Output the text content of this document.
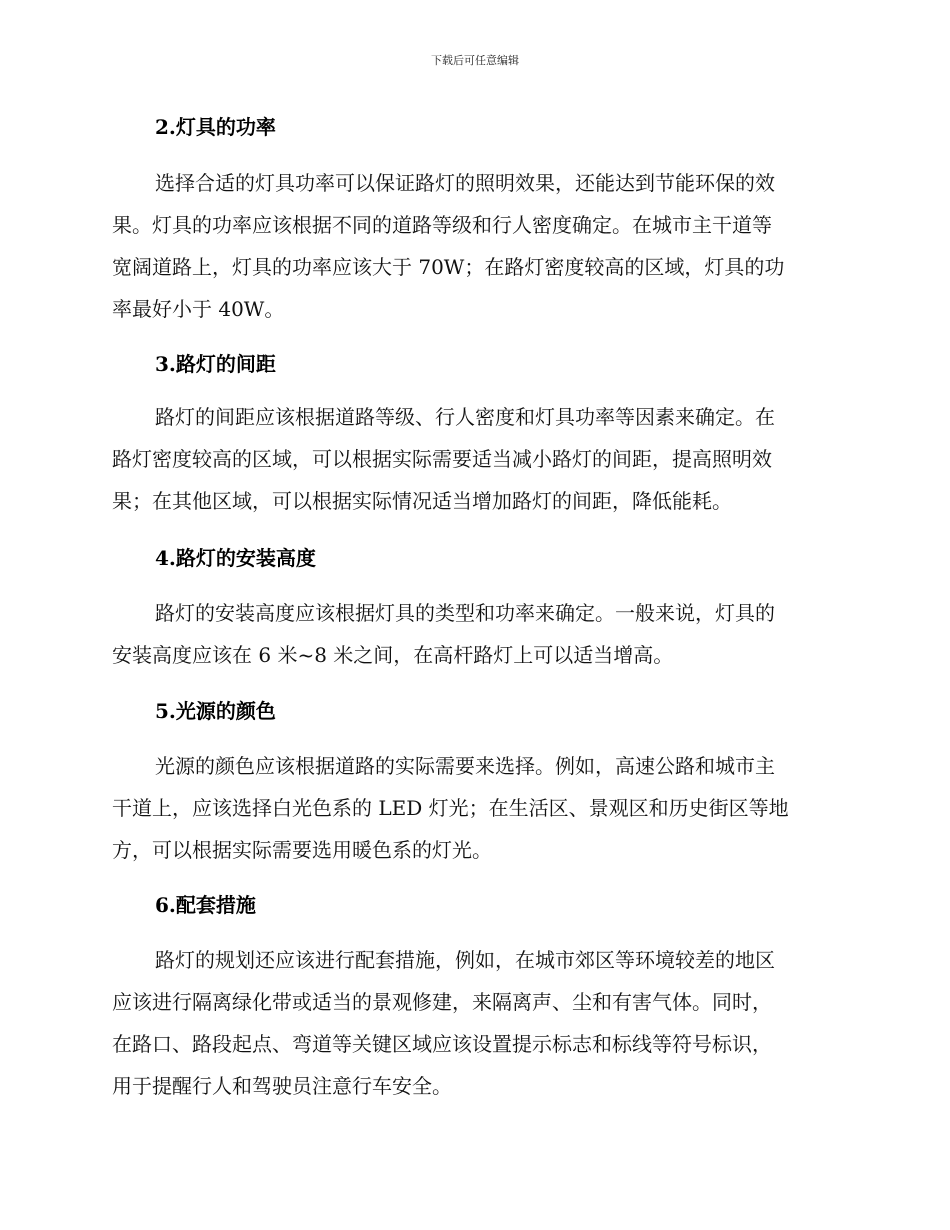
下载后可任意编辑
2.灯具的功率

选择合适的灯具功率可以保证路灯的照明效果，还能达到节能环保的效
果。灯具的功率应该根据不同的道路等级和行人密度确定。在城市主干道等
宽阔道路上，灯具的功率应该大于 70W；在路灯密度较高的区域，灯具的功
率最好小于 40W。

3.路灯的间距

路灯的间距应该根据道路等级、行人密度和灯具功率等因素来确定。在
路灯密度较高的区域，可以根据实际需要适当减小路灯的间距，提高照明效
果；在其他区域，可以根据实际情况适当增加路灯的间距，降低能耗。

4.路灯的安装高度

路灯的安装高度应该根据灯具的类型和功率来确定。一般来说，灯具的
安装高度应该在 6 米~8 米之间，在高杆路灯上可以适当增高。

5.光源的颜色

光源的颜色应该根据道路的实际需要来选择。例如，高速公路和城市主
干道上，应该选择白光色系的 LED 灯光；在生活区、景观区和历史街区等地
方，可以根据实际需要选用暖色系的灯光。

6.配套措施

路灯的规划还应该进行配套措施，例如，在城市郊区等环境较差的地区
应该进行隔离绿化带或适当的景观修建，来隔离声、尘和有害气体。同时，
在路口、路段起点、弯道等关键区域应该设置提示标志和标线等符号标识，
用于提醒行人和驾驶员注意行车安全。
